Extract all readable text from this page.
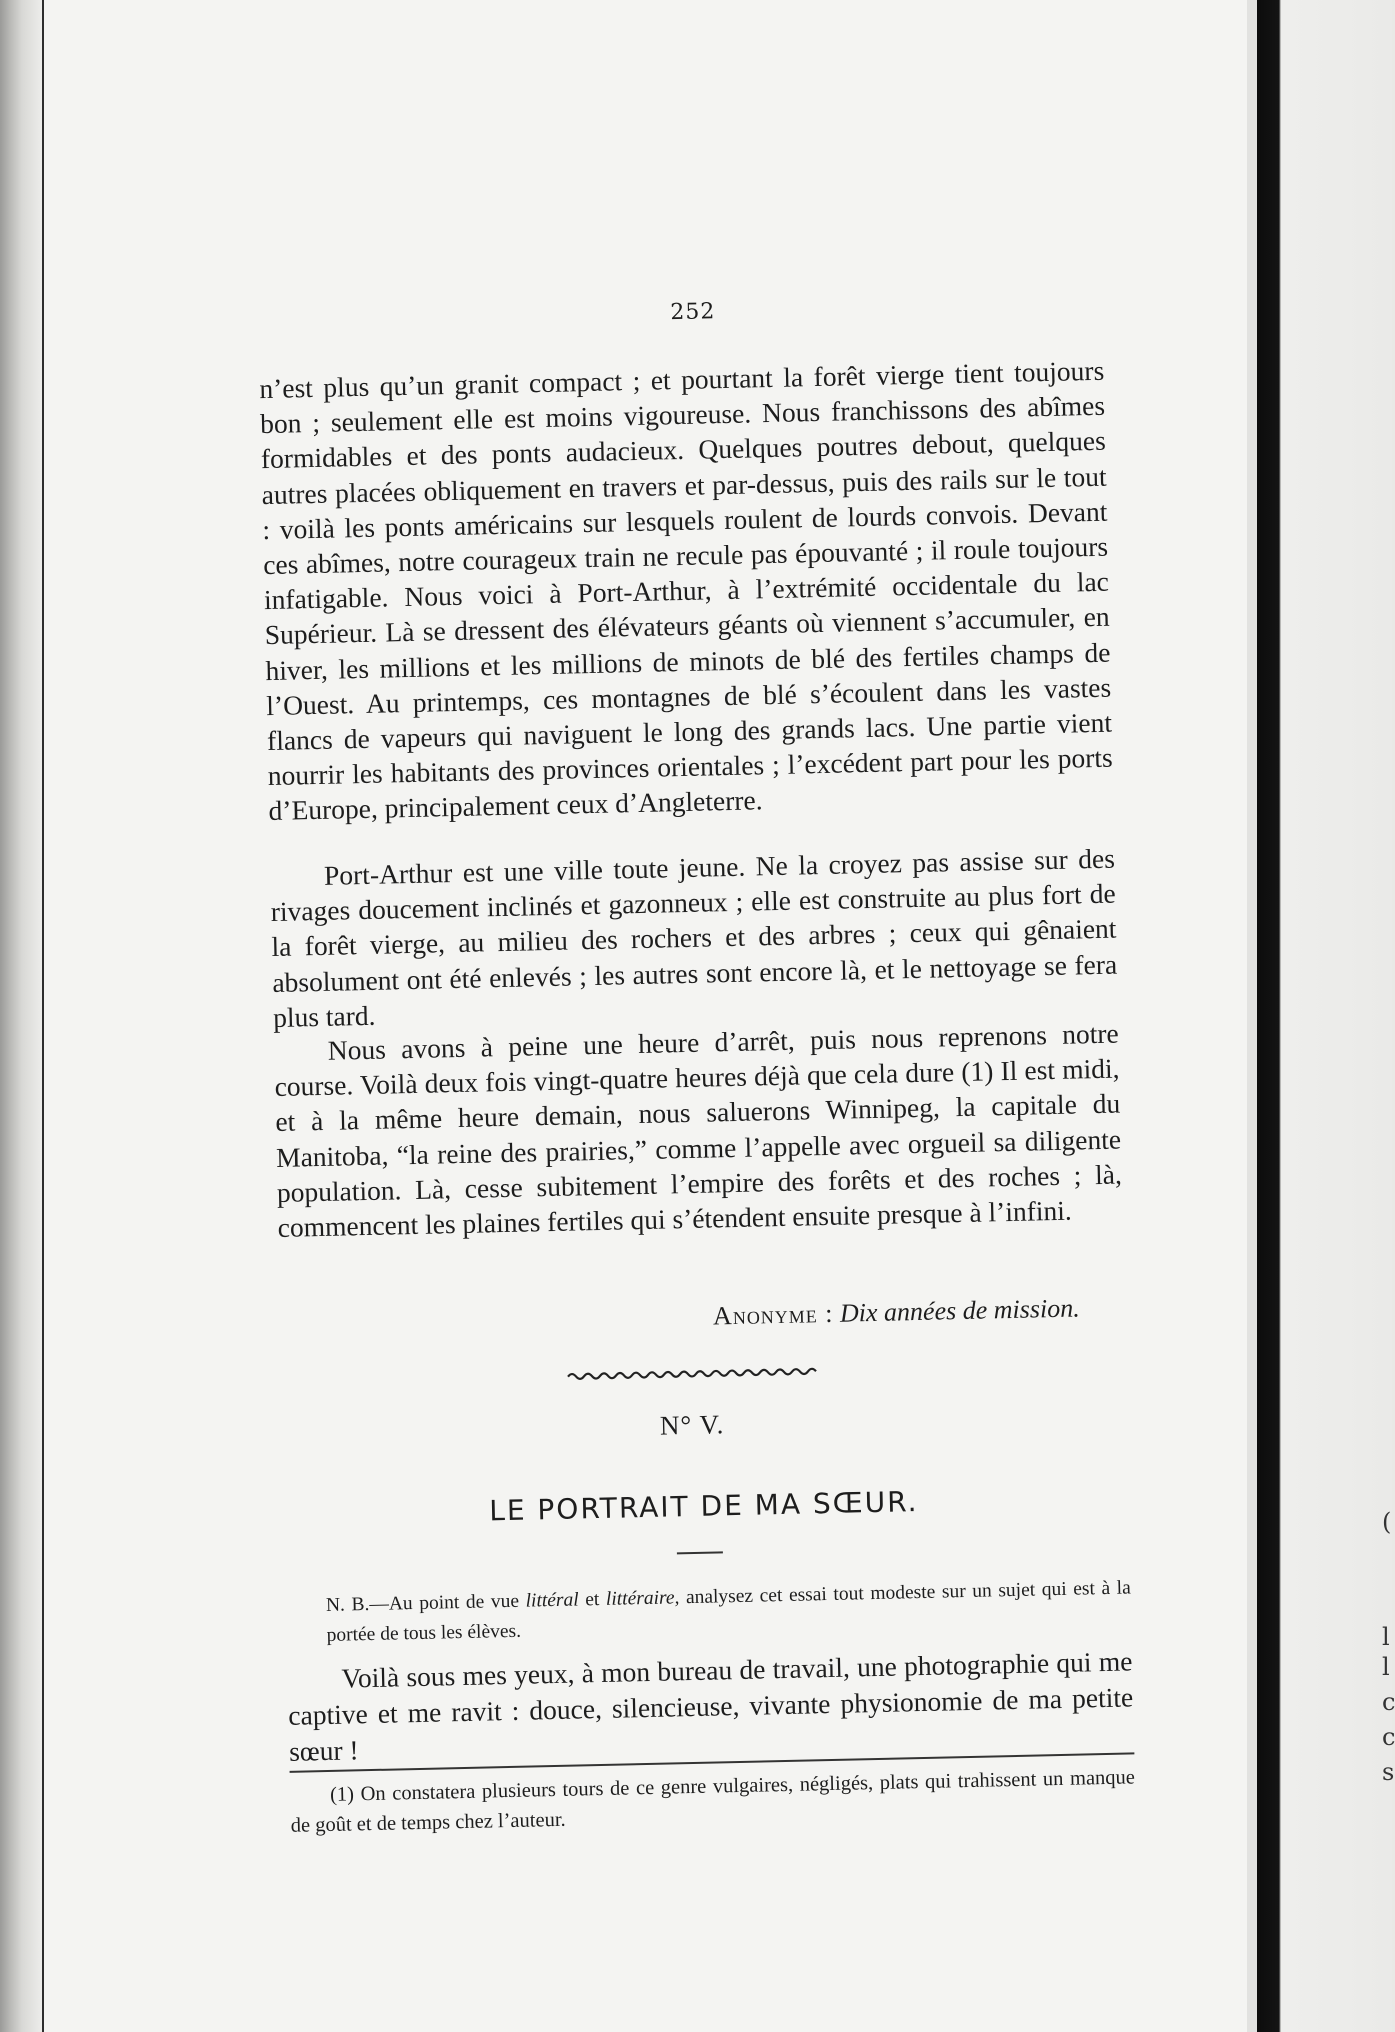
(
l
l
c
c
s
252

n’est plus qu’un granit compact ; et pourtant la forêt vierge tient toujours bon ; seulement elle est moins vigoureuse. Nous franchissons des abîmes formidables et des ponts audacieux. Quelques poutres debout, quelques autres placées obliquement en travers et par-dessus, puis des rails sur le tout : voilà les ponts américains sur lesquels roulent de lourds convois. Devant ces abîmes, notre courageux train ne recule pas épouvanté ; il roule toujours infatigable. Nous voici à Port-Arthur, à l’extrémité occidentale du lac Supérieur. Là se dressent des élévateurs géants où viennent s’accumuler, en hiver, les millions et les millions de minots de blé des fertiles champs de l’Ouest. Au printemps, ces montagnes de blé s’écoulent dans les vastes flancs de vapeurs qui naviguent le long des grands lacs. Une partie vient nourrir les habitants des provinces orientales ; l’excédent part pour les ports d’Europe, principalement ceux d’Angleterre.

Port-Arthur est une ville toute jeune. Ne la croyez pas assise sur des rivages doucement inclinés et gazonneux ; elle est construite au plus fort de la forêt vierge, au milieu des rochers et des arbres ; ceux qui gênaient absolument ont été enlevés ; les autres sont encore là, et le nettoyage se fera plus tard.

Nous avons à peine une heure d’arrêt, puis nous reprenons notre course. Voilà deux fois vingt-quatre heures déjà que cela dure (1) Il est midi, et à la même heure demain, nous saluerons Winnipeg, la capitale du Manitoba, “la reine des prairies,” comme l’appelle avec orgueil sa diligente population. Là, cesse subitement l’empire des forêts et des roches ; là, commencent les plaines fertiles qui s’étendent ensuite presque à l’infini.

Anonyme : Dix années de mission.
N° V.
LE PORTRAIT DE MA SŒUR.

N. B.—Au point de vue littéral et littéraire, analysez cet essai tout modeste sur un sujet qui est à la portée de tous les élèves.

Voilà sous mes yeux, à mon bureau de travail, une photographie qui me captive et me ravit : douce, silencieuse, vivante physionomie de ma petite sœur !

(1) On constatera plusieurs tours de ce genre vulgaires, négligés, plats qui trahissent un manque de goût et de temps chez l’auteur.
